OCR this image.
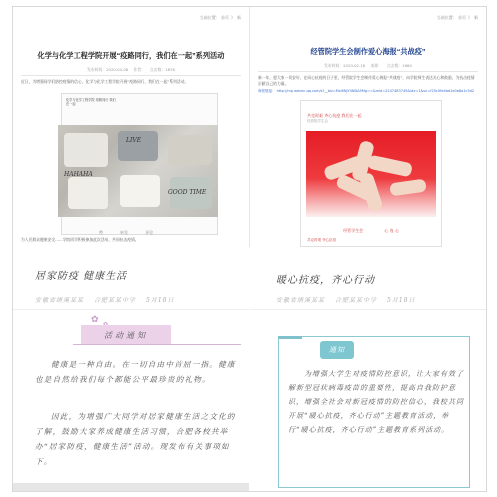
当前位置： 首页 》 新
化学与化学工程学院开展“疫路同行，我们在一起”系列活动
发布时间：2020-04-08 作者： 点击数：1876
近日，为增强同学们防控疫情的信心，化学与化学工程学院开展“疫路同行，我们在一起”系列活动。
化学与化学工程学院 疫路同行 我们在一起
LIVE
GOOD TIME
HAHAHA
赞	转发	评论
为人民群众健康安全……学院同学积极参加此次活动，共同抗击疫情。
当前位置： 首页 》 新
经管院学生会制作爱心海报“共战疫”
发布时间：2020-02-16 来源： 点击数：1680
新一年，愿大家一切安好，在同心抗疫的日子里，经管院学生会制作爱心海报“共战疫”，向学院师生表达关心和鼓励，为抗击疫情贡献自己的力量。
海报链接： http://mp.weixin.qq.com/s?__biz=MzI0NjY4NDA5Mg==&mid=2247483745&idx=1&sn=f25c0fe4bd1e0e8a1c3d2
共克时艰 齐心抗疫 我们在一起
经管院学生会
经管学生会	心 连 心
共克时艰 齐心抗疫
居家防疫 健康生活
安徽省绩溪某某 合肥某某中学 5月18日
✿
活动通知
健康是一种自由。在一切自由中首屈一指。健康也是自然给我们每个都能公平最珍贵的礼物。
因此，为增强广大同学对居家健康生活之文化的了解，鼓励大家养成健康生活习惯，合肥各校共举办“居家防疫，健康生活”活动。现发布有关事项如下。
暖心抗疫，齐心行动
安徽省绩溪某某 合肥某某中学 5月18日
通知
为增强大学生对疫情防控意识，让大家有效了解新型冠状病毒疫苗的重要性，提高自我防护意识，增强全社会对新冠疫情的防控信心，我校共同开展“暖心抗疫，齐心行动”主题教育活动，举行“暖心抗疫，齐心行动”主题教育系列活动。
